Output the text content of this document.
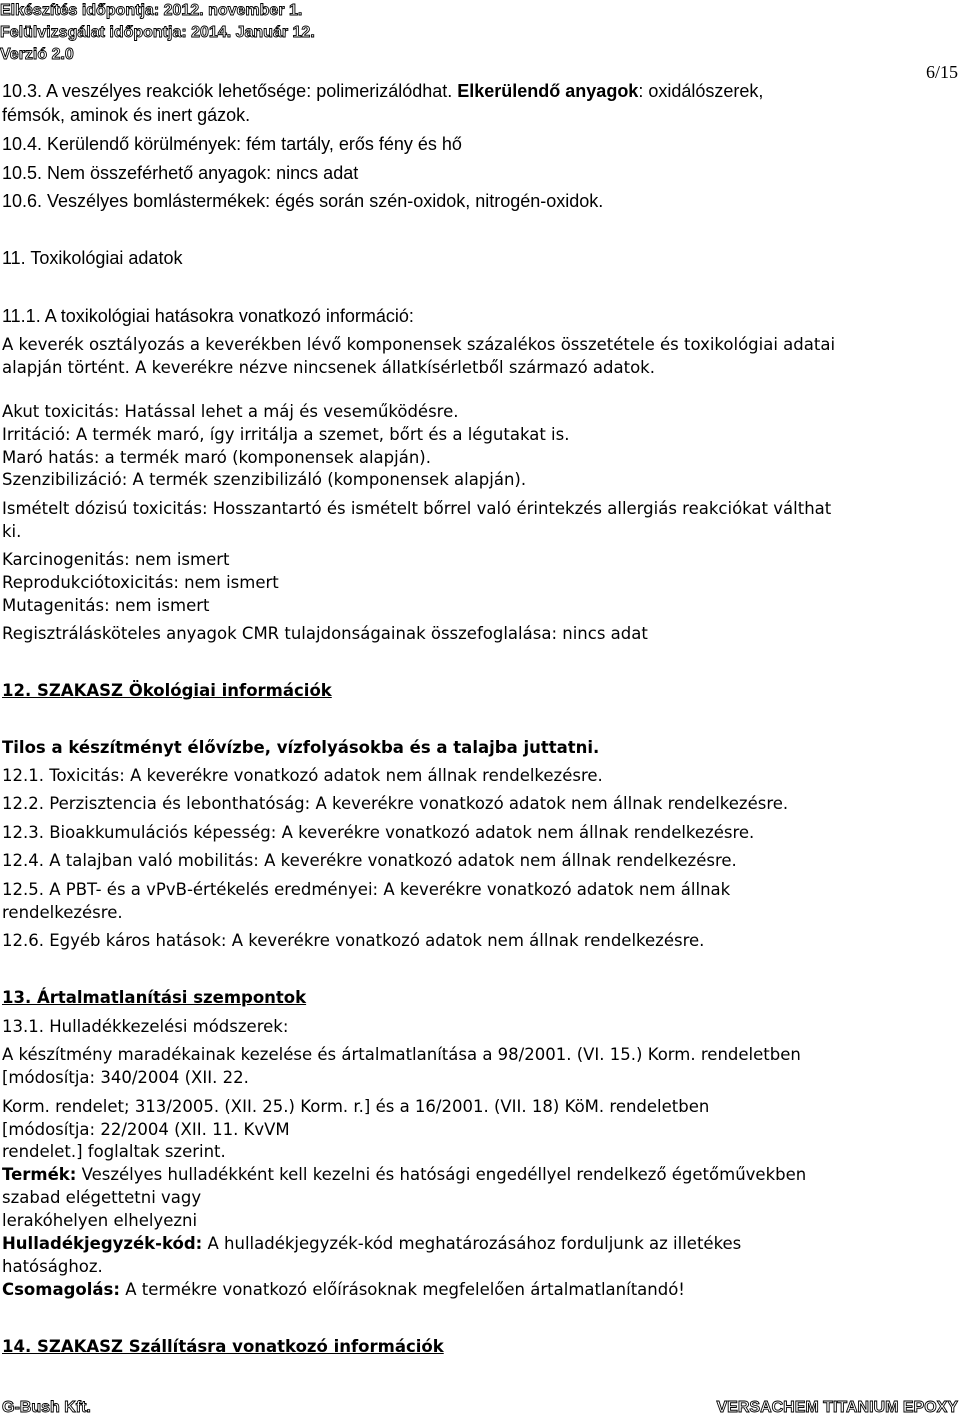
Elkészítés időpontja: 2012. november 1.
Felülvizsgálat időpontja: 2014. Január 12.
Verzió 2.0
6/15
10.3. A veszélyes reakciók lehetősége: polimerizálódhat. Elkerülendő anyagok: oxidálószerek,
fémsók, aminok és inert gázok.
10.4. Kerülendő körülmények: fém tartály, erős fény és hő
10.5. Nem összeférhető anyagok: nincs adat
10.6. Veszélyes bomlástermékek: égés során szén-oxidok, nitrogén-oxidok.
11. Toxikológiai adatok
11.1. A toxikológiai hatásokra vonatkozó információ:
A keverék osztályozás a keverékben lévő komponensek százalékos összetétele és toxikológiai adatai
alapján történt. A keverékre nézve nincsenek állatkísérletből származó adatok.
Akut toxicitás: Hatással lehet a máj és veseműködésre.
Irritáció: A termék maró, így irritálja a szemet, bőrt és a légutakat is.
Maró hatás: a termék maró (komponensek alapján).
Szenzibilizáció: A termék szenzibilizáló (komponensek alapján).
Ismételt dózisú toxicitás: Hosszantartó és ismételt bőrrel való érintekzés allergiás reakciókat válthat
ki.
Karcinogenitás: nem ismert
Reprodukciótoxicitás: nem ismert
Mutagenitás: nem ismert
Regisztrálásköteles anyagok CMR tulajdonságainak összefoglalása: nincs adat
12. SZAKASZ Ökológiai információk
Tilos a készítményt élővízbe, vízfolyásokba és a talajba juttatni.
12.1. Toxicitás: A keverékre vonatkozó adatok nem állnak rendelkezésre.
12.2. Perzisztencia és lebonthatóság: A keverékre vonatkozó adatok nem állnak rendelkezésre.
12.3. Bioakkumulációs képesség: A keverékre vonatkozó adatok nem állnak rendelkezésre.
12.4. A talajban való mobilitás: A keverékre vonatkozó adatok nem állnak rendelkezésre.
12.5. A PBT- és a vPvB-értékelés eredményei: A keverékre vonatkozó adatok nem állnak
rendelkezésre.
12.6. Egyéb káros hatások: A keverékre vonatkozó adatok nem állnak rendelkezésre.
13. Ártalmatlanítási szempontok
13.1. Hulladékkezelési módszerek:
A készítmény maradékainak kezelése és ártalmatlanítása a 98/2001. (VI. 15.) Korm. rendeletben
[módosítja: 340/2004 (XII. 22.
Korm. rendelet; 313/2005. (XII. 25.) Korm. r.] és a 16/2001. (VII. 18) KöM. rendeletben
[módosítja: 22/2004 (XII. 11. KvVM
rendelet.] foglaltak szerint.
Termék: Veszélyes hulladékként kell kezelni és hatósági engedéllyel rendelkező égetőművekben
szabad elégettetni vagy
lerakóhelyen elhelyezni
Hulladékjegyzék-kód: A hulladékjegyzék-kód meghatározásához forduljunk az illetékes
hatósághoz.
Csomagolás: A termékre vonatkozó előírásoknak megfelelően ártalmatlanítandó!
14. SZAKASZ Szállításra vonatkozó információk
G-Bush Kft.	VERSACHEM TITANIUM EPOXY
